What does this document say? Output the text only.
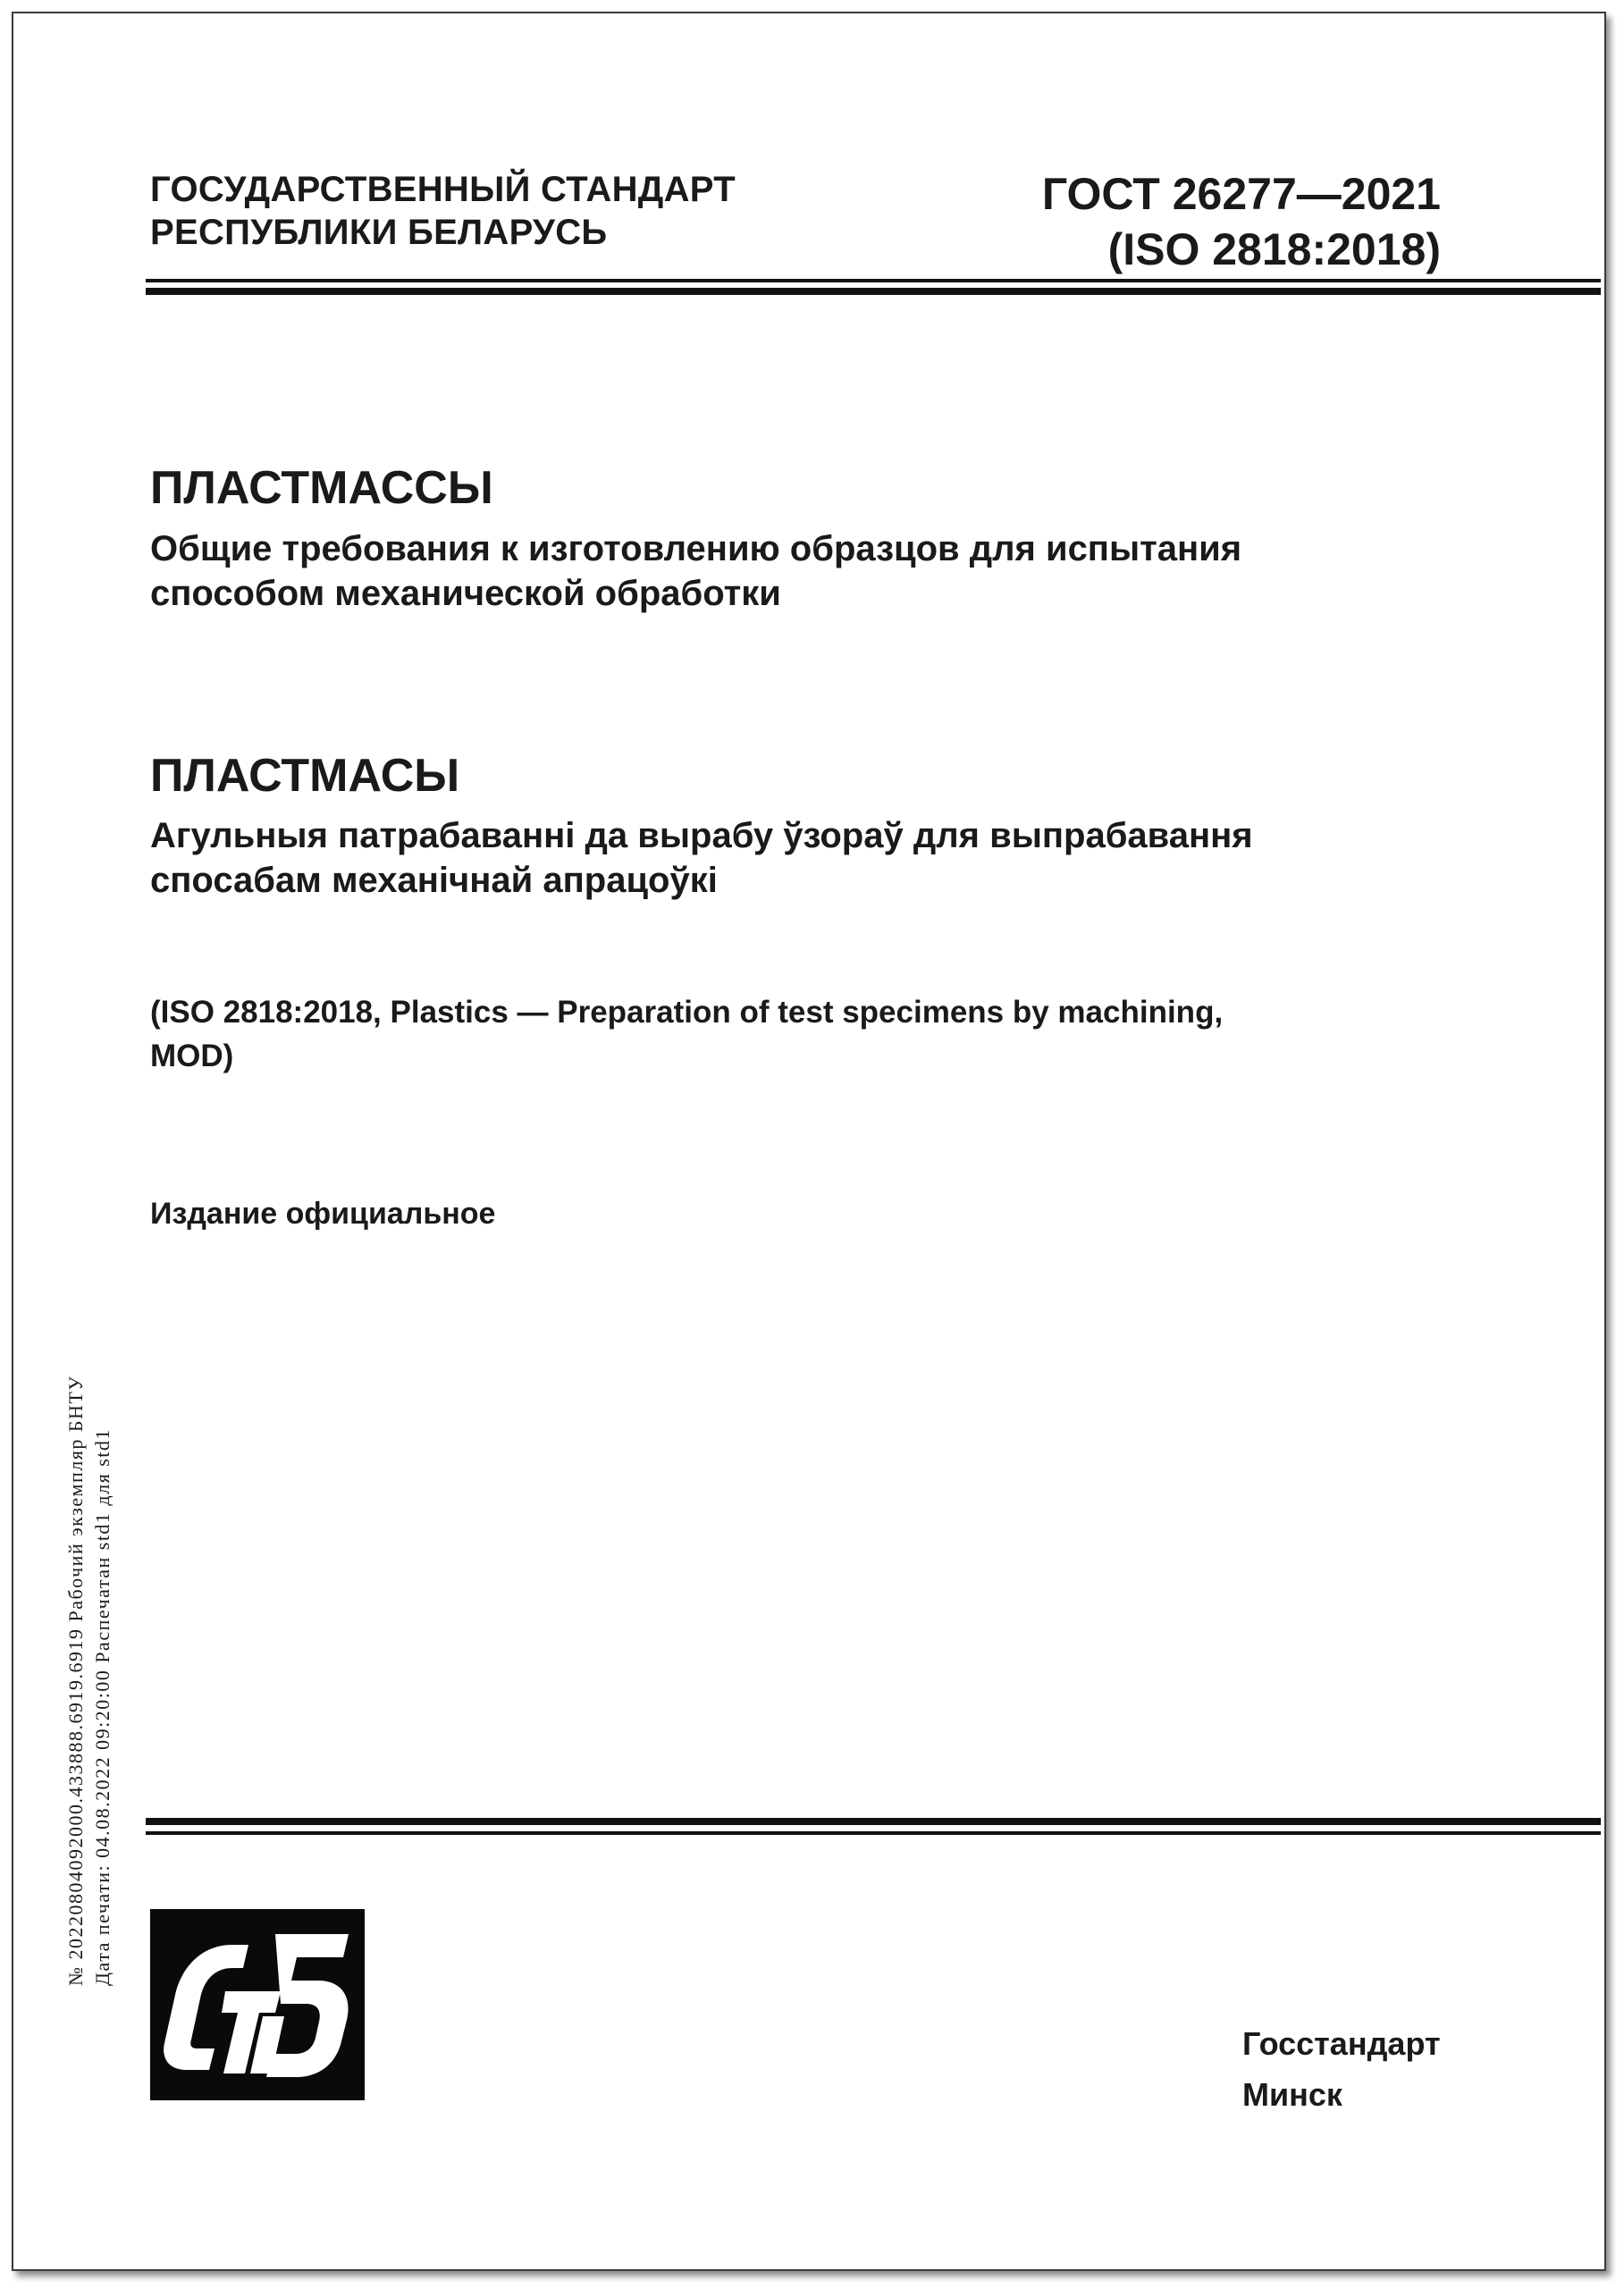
ГОСУДАРСТВЕННЫЙ СТАНДАРТ
РЕСПУБЛИКИ БЕЛАРУСЬ
ГОСТ 26277—2021
(ISO 2818:2018)
ПЛАСТМАССЫ
Общие требования к изготовлению образцов для испытания
способом механической обработки
ПЛАСТМАСЫ
Агульныя патрабаванні да вырабу ўзораў для выпрабавання
спосабам механічнай апрацоўкі
(ISO 2818:2018, Plastics — Preparation of test specimens by machining,
MOD)
Издание официальное
№ 20220804092000.433888.6919.6919 Рабочий экземпляр БНТУ Дата печати: 04.08.2022 09:20:00 Распечатан std1 для std1
Госстандарт
Минск
